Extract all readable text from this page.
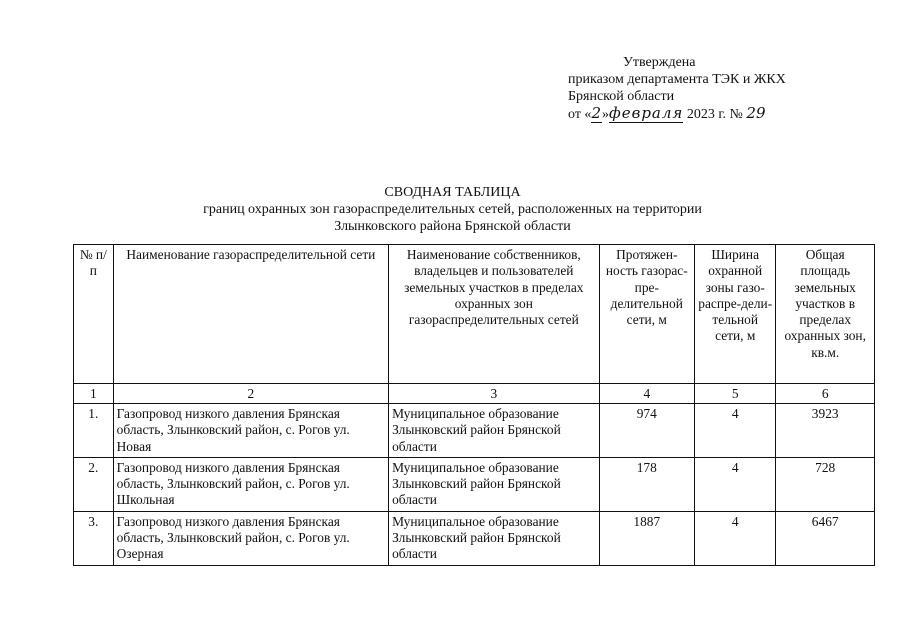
Утверждена
приказом департамента ТЭК и ЖКХ
Брянской области
от «2»февраля 2023 г. № 29
СВОДНАЯ ТАБЛИЦА
границ охранных зон газораспределительных сетей, расположенных на территории
Злынковского района Брянской области
№ п/п	Наименование газораспределительной сети	Наименование собственников, владельцев и пользователей земельных участков в пределах охранных зон газораспределительных сетей	Протяжен-ность газорас-пре-делительной сети, м	Ширина охранной зоны газо-распре-дели-тельной сети, м	Общая площадь земельных участков в пределах охранных зон, кв.м.
1	2	3	4	5	6
1.	Газопровод низкого давления Брянская область, Злынковский район, с. Рогов ул. Новая	Муниципальное образование Злынковский район Брянской области	974	4	3923
2.	Газопровод низкого давления Брянская область, Злынковский район, с. Рогов ул. Школьная	Муниципальное образование Злынковский район Брянской области	178	4	728
3.	Газопровод низкого давления Брянская область, Злынковский район, с. Рогов ул. Озерная	Муниципальное образование Злынковский район Брянской области	1887	4	6467
